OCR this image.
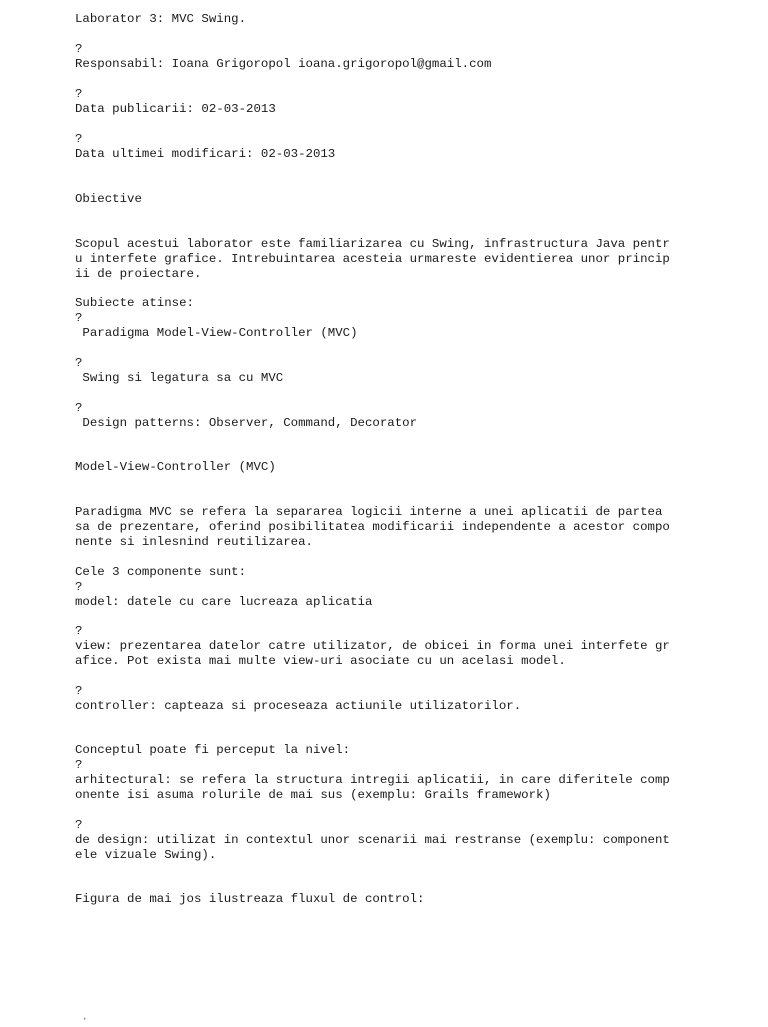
Laborator 3: MVC Swing.

?

Responsabil: Ioana Grigoropol ioana.grigoropol@gmail.com

?

Data publicarii: 02-03-2013

?

Data ultimei modificari: 02-03-2013

Obiective

Scopul acestui laborator este familiarizarea cu Swing, infrastructura Java pentr

u interfete grafice. Intrebuintarea acesteia urmareste evidentierea unor princip

ii de proiectare.

Subiecte atinse:

?

Paradigma Model-View-Controller (MVC)

?

Swing si legatura sa cu MVC

?

Design patterns: Observer, Command, Decorator

Model-View-Controller (MVC)

Paradigma MVC se refera la separarea logicii interne a unei aplicatii de partea

sa de prezentare, oferind posibilitatea modificarii independente a acestor compo

nente si inlesnind reutilizarea.

Cele 3 componente sunt:

?

model: datele cu care lucreaza aplicatia

?

view: prezentarea datelor catre utilizator, de obicei in forma unei interfete gr

afice. Pot exista mai multe view-uri asociate cu un acelasi model.

?

controller: capteaza si proceseaza actiunile utilizatorilor.

Conceptul poate fi perceput la nivel:

?

arhitectural: se refera la structura intregii aplicatii, in care diferitele comp

onente isi asuma rolurile de mai sus (exemplu: Grails framework)

?

de design: utilizat in contextul unor scenarii mai restranse (exemplu: component

ele vizuale Swing).

Figura de mai jos ilustreaza fluxul de control:

·
